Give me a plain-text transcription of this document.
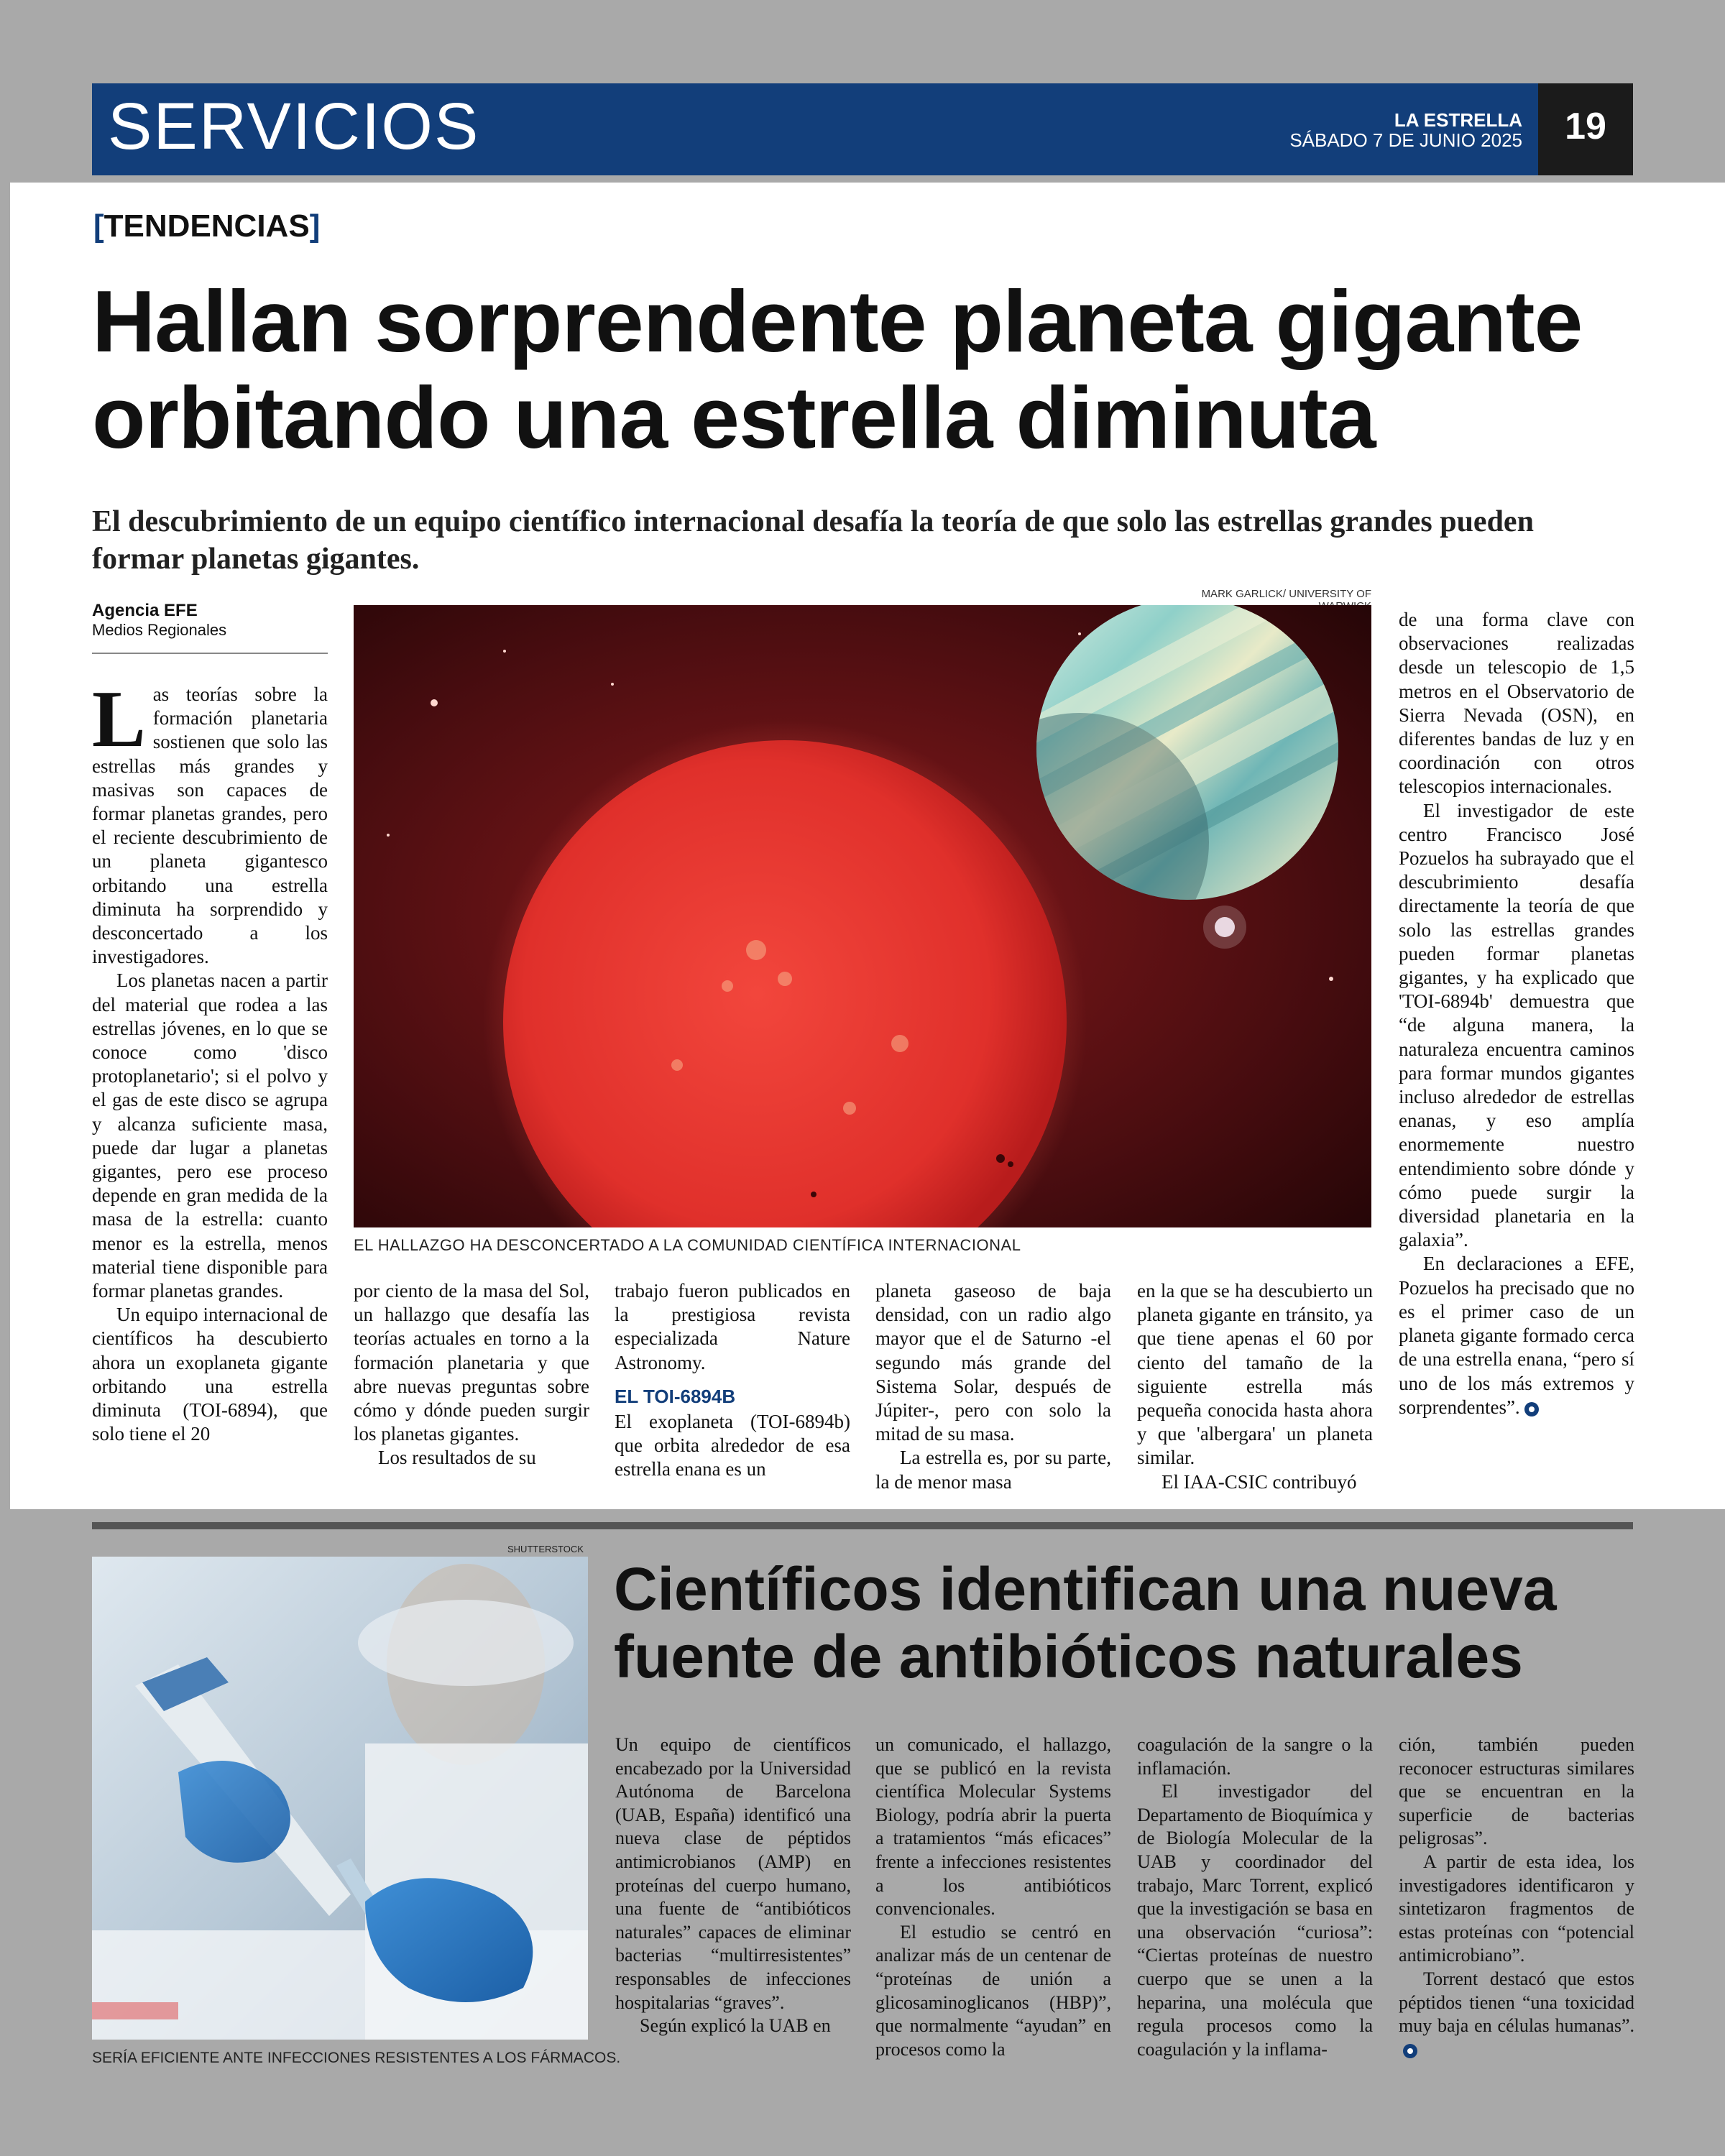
SERVICIOS	LA ESTRELLA
SÁBADO 7 DE JUNIO 2025	19
[TENDENCIAS]
Hallan sorprendente planeta gigante orbitando una estrella diminuta
El descubrimiento de un equipo científico internacional desafía la teoría de que solo las estrellas grandes pueden formar planetas gigantes.
Agencia EFE
Medios Regionales
MARK GARLICK/ UNIVERSITY OF
EL HALLAZGO HA DESCONCERTADO A LA COMUNIDAD CIENTÍFICA INTERNACIONAL
L as teorías sobre la formación planetaria sostienen que solo las estrellas más grandes y masivas son capaces de formar planetas grandes, pero el reciente descubrimiento de un planeta gigantesco orbitando una estrella diminuta ha sorprendido y desconcertado a los investigadores.

Los planetas nacen a partir del material que rodea a las estrellas jóvenes, en lo que se conoce como 'disco protoplanetario'; si el polvo y el gas de este disco se agrupa y alcanza suficiente masa, puede dar lugar a planetas gigantes, pero ese proceso depende en gran medida de la masa de la estrella: cuanto menor es la estrella, menos material tiene disponible para formar planetas grandes.

Un equipo internacional de científicos ha descubierto ahora un exoplaneta gigante orbitando una estrella diminuta (TOI-6894), que solo tiene el 20

por ciento de la masa del Sol, un hallazgo que desafía las teorías actuales en torno a la formación planetaria y que abre nuevas preguntas sobre cómo y dónde pueden surgir los planetas gigantes.

Los resultados de su

trabajo fueron publicados en la prestigiosa revista especializada Nature Astronomy.

EL TOI-6894B

El exoplaneta (TOI-6894b) que orbita alrededor de esa estrella enana es un

planeta gaseoso de baja densidad, con un radio algo mayor que el de Saturno -el segundo más grande del Sistema Solar, después de Júpiter-, pero con solo la mitad de su masa.

La estrella es, por su parte, la de menor masa

en la que se ha descubierto un planeta gigante en tránsito, ya que tiene apenas el 60 por ciento del tamaño de la siguiente estrella más pequeña conocida hasta ahora y que 'albergara' un planeta similar.

El IAA-CSIC contribuyó

de una forma clave con observaciones realizadas desde un telescopio de 1,5 metros en el Observatorio de Sierra Nevada (OSN), en diferentes bandas de luz y en coordinación con otros telescopios internacionales.

El investigador de este centro Francisco José Pozuelos ha subrayado que el descubrimiento desafía directamente la teoría de que solo las estrellas grandes pueden formar planetas gigantes, y ha explicado que 'TOI-6894b' demuestra que “de alguna manera, la naturaleza encuentra caminos para formar mundos gigantes incluso alrededor de estrellas enanas, y eso amplía enormemente nuestro entendimiento sobre dónde y cómo puede surgir la diversidad planetaria en la galaxia”.

En declaraciones a EFE, Pozuelos ha precisado que no es el primer caso de un planeta gigante formado cerca de una estrella enana, “pero sí uno de los más extremos y sorprendentes”.

SHUTTERSTOCK
SERÍA EFICIENTE ANTE INFECCIONES RESISTENTES A LOS FÁRMACOS.
Científicos identifican una nueva fuente de antibióticos naturales

Un equipo de científicos encabezado por la Universidad Autónoma de Barcelona (UAB, España) identificó una nueva clase de péptidos antimicrobianos (AMP) en proteínas del cuerpo humano, una fuente de “antibióticos naturales” capaces de eliminar bacterias “multirresistentes” responsables de infecciones hospitalarias “graves”.

Según explicó la UAB en

un comunicado, el hallazgo, que se publicó en la revista científica Molecular Systems Biology, podría abrir la puerta a tratamientos “más eficaces” frente a infecciones resistentes a los antibióticos convencionales.

El estudio se centró en analizar más de un centenar de “proteínas de unión a glicosaminoglicanos (HBP)”, que normalmente “ayudan” en procesos como la

coagulación de la sangre o la inflamación.

El investigador del Departamento de Bioquímica y de Biología Molecular de la UAB y coordinador del trabajo, Marc Torrent, explicó que la investigación se basa en una observación “curiosa”: “Ciertas proteínas de nuestro cuerpo que se unen a la heparina, una molécula que regula procesos como la coagulación y la inflama-

ción, también pueden reconocer estructuras similares que se encuentran en la superficie de bacterias peligrosas”.

A partir de esta idea, los investigadores identificaron y sintetizaron fragmentos de estas proteínas con “potencial antimicrobiano”.

Torrent destacó que estos péptidos tienen “una toxicidad muy baja en células humanas”.
